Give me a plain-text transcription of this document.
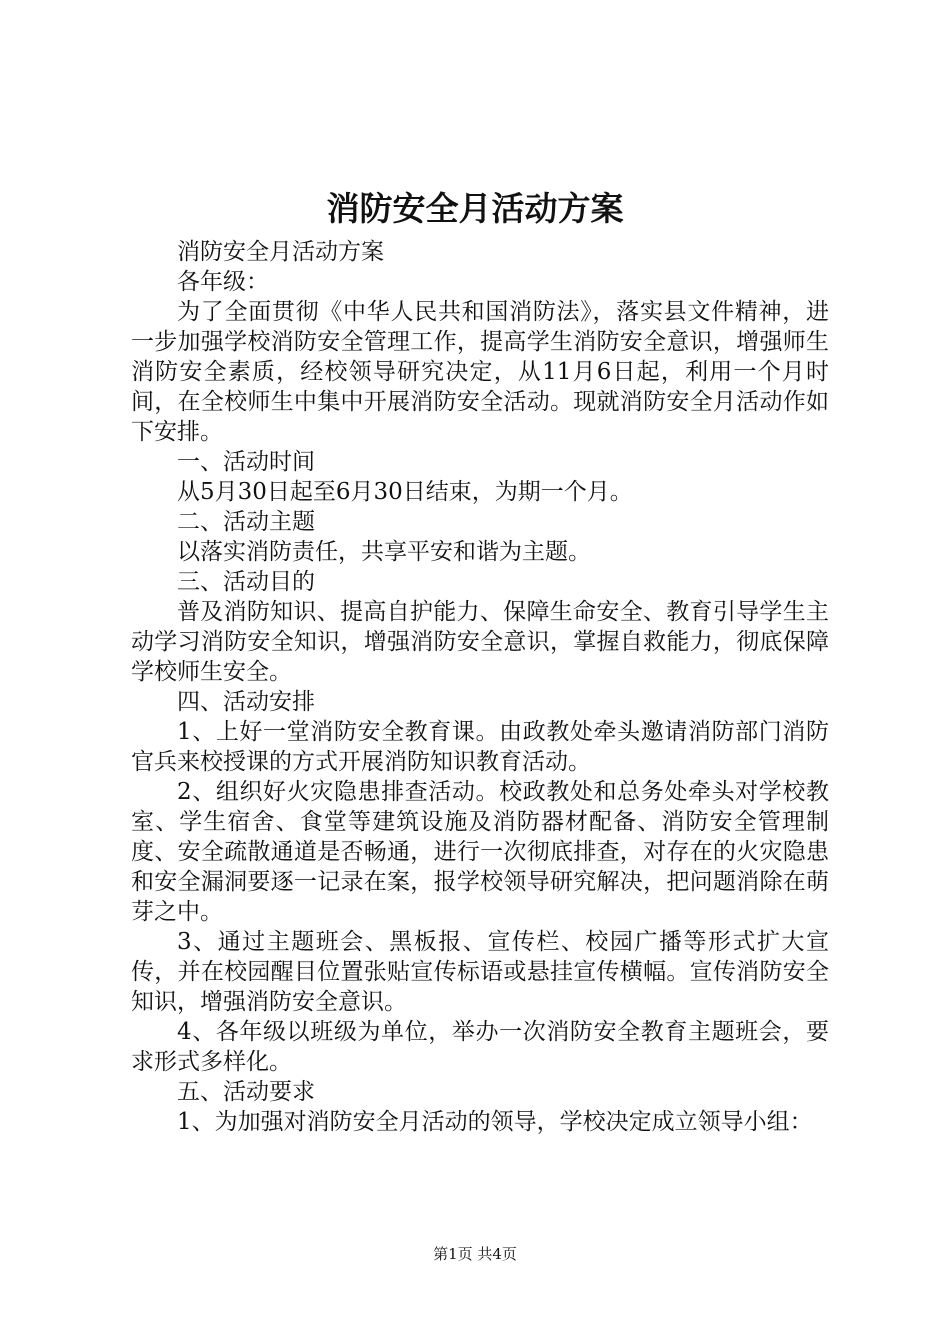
消防安全月活动方案

消防安全月活动方案

各年级：

为了全面贯彻《中华人民共和国消防法》，落实县文件精神，进一步加强学校消防安全管理工作，提高学生消防安全意识，增强师生消防安全素质，经校领导研究决定，从11月6日起，利用一个月时间，在全校师生中集中开展消防安全活动。现就消防安全月活动作如下安排。

一、活动时间

从5月30日起至6月30日结束，为期一个月。

二、活动主题

以落实消防责任，共享平安和谐为主题。

三、活动目的

普及消防知识、提高自护能力、保障生命安全、教育引导学生主动学习消防安全知识，增强消防安全意识，掌握自救能力，彻底保障学校师生安全。

四、活动安排

1、上好一堂消防安全教育课。由政教处牵头邀请消防部门消防官兵来校授课的方式开展消防知识教育活动。

2、组织好火灾隐患排查活动。校政教处和总务处牵头对学校教室、学生宿舍、食堂等建筑设施及消防器材配备、消防安全管理制度、安全疏散通道是否畅通，进行一次彻底排查，对存在的火灾隐患和安全漏洞要逐一记录在案，报学校领导研究解决，把问题消除在萌芽之中。

3、通过主题班会、黑板报、宣传栏、校园广播等形式扩大宣传，并在校园醒目位置张贴宣传标语或悬挂宣传横幅。宣传消防安全知识，增强消防安全意识。

4、各年级以班级为单位，举办一次消防安全教育主题班会，要求形式多样化。

五、活动要求

1、为加强对消防安全月活动的领导，学校决定成立领导小组：

第1页 共4页
